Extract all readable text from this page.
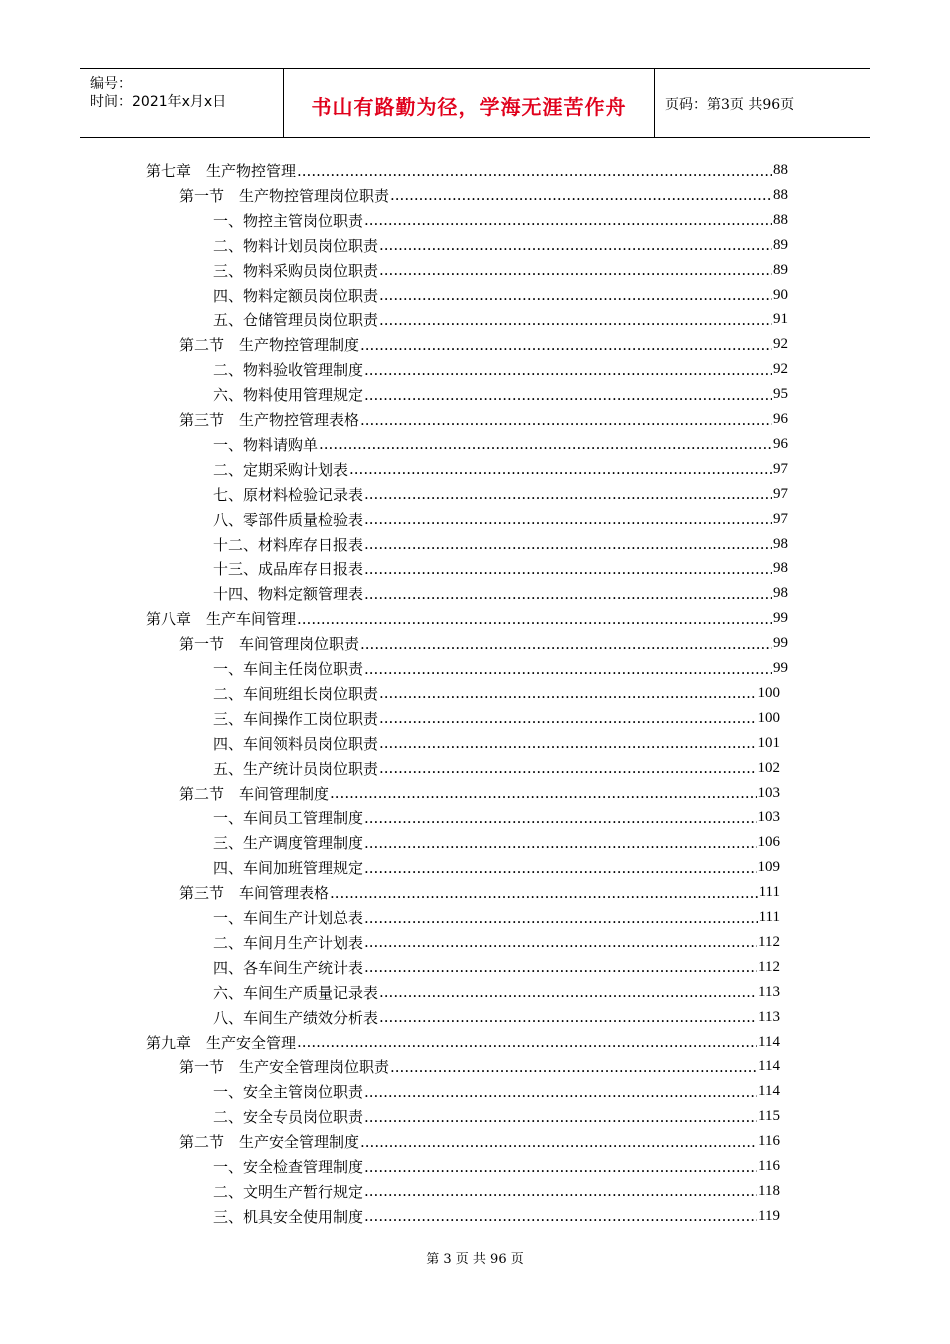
编号：
时间：2021年x月x日	书山有路勤为径，学海无涯苦作舟	页码：第3页 共96页
第七章　生产物控管理 .....	88
第一节　生产物控管理岗位职责 .....	88
一、物控主管岗位职责 .....	88
二、物料计划员岗位职责 .....	89
三、物料采购员岗位职责 .....	89
四、物料定额员岗位职责 .....	90
五、仓储管理员岗位职责 .....	91
第二节　生产物控管理制度 .....	92
二、物料验收管理制度 .....	92
六、物料使用管理规定 .....	95
第三节　生产物控管理表格 .....	96
一、物料请购单 .....	96
二、定期采购计划表 .....	97
七、原材料检验记录表 .....	97
八、零部件质量检验表 .....	97
十二、材料库存日报表 .....	98
十三、成品库存日报表 .....	98
十四、物料定额管理表 .....	98
第八章　生产车间管理 .....	99
第一节　车间管理岗位职责 .....	99
一、车间主任岗位职责 .....	99
二、车间班组长岗位职责 .....	100
三、车间操作工岗位职责 .....	100
四、车间领料员岗位职责 .....	101
五、生产统计员岗位职责 .....	102
第二节　车间管理制度 .....	103
一、车间员工管理制度 .....	103
三、生产调度管理制度 .....	106
四、车间加班管理规定 .....	109
第三节　车间管理表格 .....	111
一、车间生产计划总表 .....	111
二、车间月生产计划表 .....	112
四、各车间生产统计表 .....	112
六、车间生产质量记录表 .....	113
八、车间生产绩效分析表 .....	113
第九章　生产安全管理 .....	114
第一节　生产安全管理岗位职责 .....	114
一、安全主管岗位职责 .....	114
二、安全专员岗位职责 .....	115
第二节　生产安全管理制度 .....	116
一、安全检查管理制度 .....	116
二、文明生产暂行规定 .....	118
三、机具安全使用制度 .....	119
第 3 页 共 96 页
